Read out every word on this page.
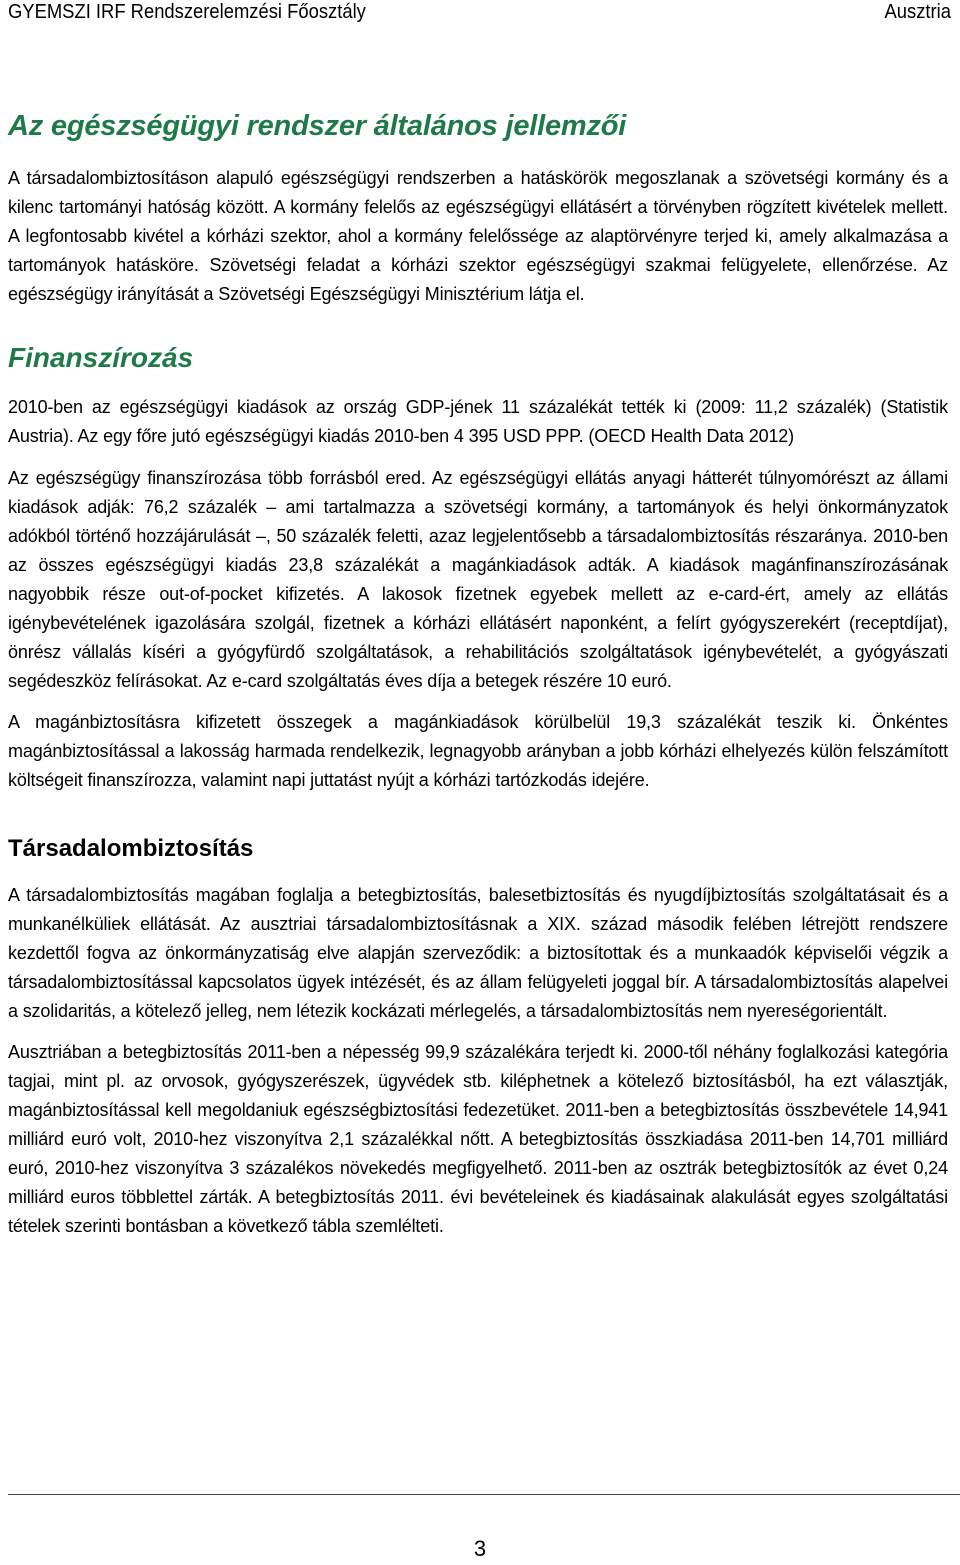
GYEMSZI IRF Rendszerelemzési Főosztály	Ausztria
Az egészségügyi rendszer általános jellemzői

A társadalombiztosításon alapuló egészségügyi rendszerben a hatáskörök megoszlanak a szövetségi kormány és a kilenc tartományi hatóság között. A kormány felelős az egészségügyi ellátásért a törvényben rögzített kivételek mellett. A legfontosabb kivétel a kórházi szektor, ahol a kormány felelőssége az alaptörvényre terjed ki, amely alkalmazása a tartományok hatásköre. Szövetségi feladat a kórházi szektor egészségügyi szakmai felügyelete, ellenőrzése. Az egészségügy irányítását a Szövetségi Egészségügyi Minisztérium látja el.

Finanszírozás

2010-ben az egészségügyi kiadások az ország GDP-jének 11 százalékát tették ki (2009: 11,2 százalék) (Statistik Austria). Az egy főre jutó egészségügyi kiadás 2010-ben 4 395 USD PPP. (OECD Health Data 2012)

Az egészségügy finanszírozása több forrásból ered. Az egészségügyi ellátás anyagi hátterét túlnyomórészt az állami kiadások adják: 76,2 százalék – ami tartalmazza a szövetségi kormány, a tartományok és helyi önkormányzatok adókból történő hozzájárulását –, 50 százalék feletti, azaz legjelentősebb a társadalombiztosítás részaránya. 2010-ben az összes egészségügyi kiadás 23,8 százalékát a magánkiadások adták. A kiadások magánfinanszírozásának nagyobbik része out-of-pocket kifizetés. A lakosok fizetnek egyebek mellett az e-card-ért, amely az ellátás igénybevételének igazolására szolgál, fizetnek a kórházi ellátásért naponként, a felírt gyógyszerekért (receptdíjat), önrész vállalás kíséri a gyógyfürdő szolgáltatások, a rehabilitációs szolgáltatások igénybevételét, a gyógyászati segédeszköz felírásokat. Az e-card szolgáltatás éves díja a betegek részére 10 euró.

A magánbiztosításra kifizetett összegek a magánkiadások körülbelül 19,3 százalékát teszik ki. Önkéntes magánbiztosítással a lakosság harmada rendelkezik, legnagyobb arányban a jobb kórházi elhelyezés külön felszámított költségeit finanszírozza, valamint napi juttatást nyújt a kórházi tartózkodás idejére.

Társadalombiztosítás

A társadalombiztosítás magában foglalja a betegbiztosítás, balesetbiztosítás és nyugdíjbiztosítás szolgáltatásait és a munkanélküliek ellátását. Az ausztriai társadalombiztosításnak a XIX. század második felében létrejött rendszere kezdettől fogva az önkormányzatiság elve alapján szerveződik: a biztosítottak és a munkaadók képviselői végzik a társadalombiztosítással kapcsolatos ügyek intézését, és az állam felügyeleti joggal bír. A társadalombiztosítás alapelvei a szolidaritás, a kötelező jelleg, nem létezik kockázati mérlegelés, a társadalombiztosítás nem nyereségorientált.

Ausztriában a betegbiztosítás 2011-ben a népesség 99,9 százalékára terjedt ki. 2000-től néhány foglalkozási kategória tagjai, mint pl. az orvosok, gyógyszerészek, ügyvédek stb. kiléphetnek a kötelező biztosításból, ha ezt választják, magánbiztosítással kell megoldaniuk egészségbiztosítási fedezetüket. 2011-ben a betegbiztosítás összbevétele 14,941 milliárd euró volt, 2010-hez viszonyítva 2,1 százalékkal nőtt. A betegbiztosítás összkiadása 2011-ben 14,701 milliárd euró, 2010-hez viszonyítva 3 százalékos növekedés megfigyelhető. 2011-ben az osztrák betegbiztosítók az évet 0,24 milliárd euros többlettel zárták. A betegbiztosítás 2011. évi bevételeinek és kiadásainak alakulását egyes szolgáltatási tételek szerinti bontásban a következő tábla szemlélteti.

3
